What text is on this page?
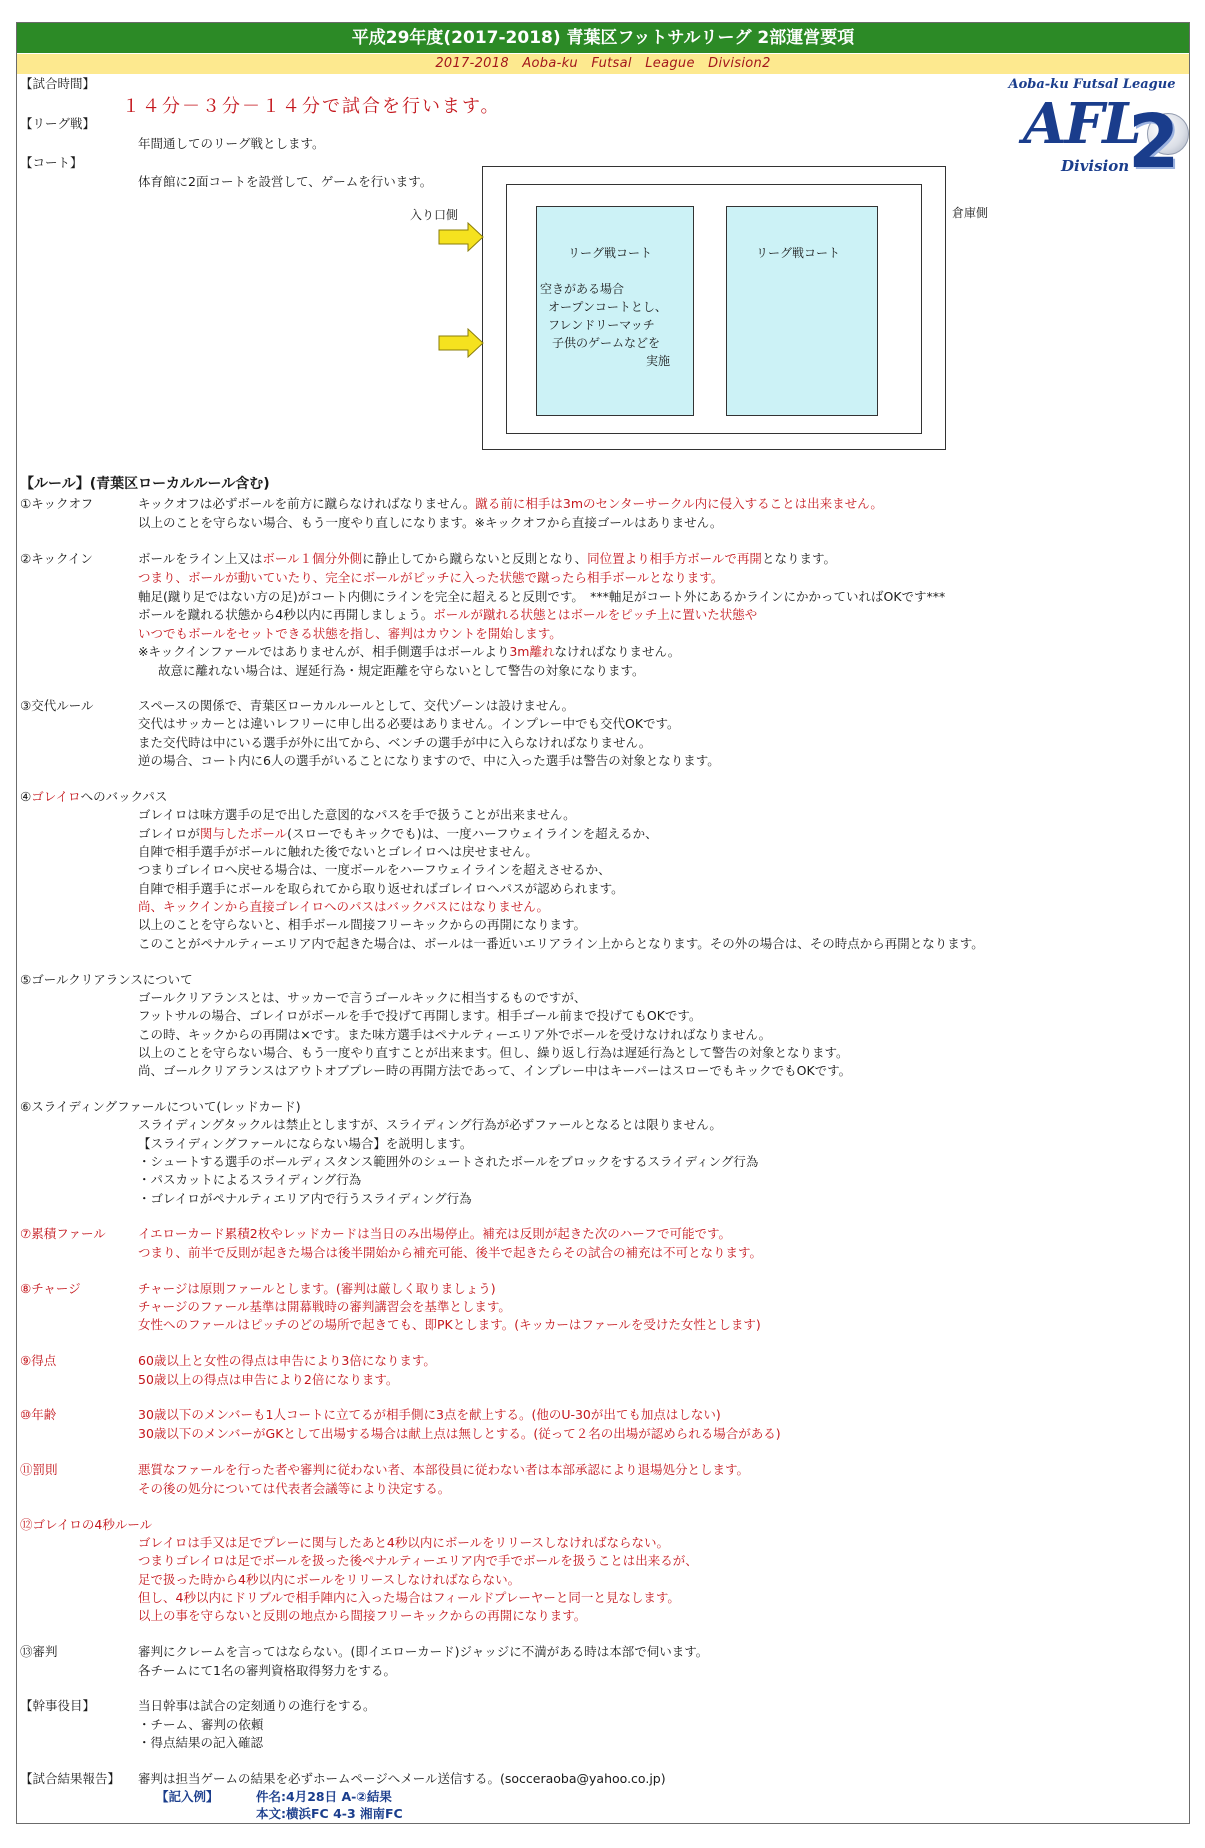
平成29年度(2017-2018) 青葉区フットサルリーグ 2部運営要項
2017-2018 Aoba-ku Futsal League Division2
Aoba-ku Futsal League
AFL
2
Division
【試合時間】
１４分－３分－１４分で試合を行います。
【リーグ戦】
年間通してのリーグ戦とします。
【コート】
体育館に2面コートを設営して、ゲームを行います。
リーグ戦コート	リーグ戦コート
空きがある場合
オープンコートとし、
フレンドリーマッチ
子供のゲームなどを
実施
入り口側	倉庫側
【ルール】(青葉区ローカルルール含む)
①キックオフ	キックオフは必ずボールを前方に蹴らなければなりません。蹴る前に相手は3mのセンターサークル内に侵入することは出来ません。
以上のことを守らない場合、もう一度やり直しになります。※キックオフから直接ゴールはありません。
②キックイン	ボールをライン上又はボール１個分外側に静止してから蹴らないと反則となり、同位置より相手方ボールで再開となります。
つまり、ボールが動いていたり、完全にボールがピッチに入った状態で蹴ったら相手ボールとなります。
軸足(蹴り足ではない方の足)がコート内側にラインを完全に超えると反則です。　***軸足がコート外にあるかラインにかかっていればOKです***
ボールを蹴れる状態から4秒以内に再開しましょう。ボールが蹴れる状態とはボールをピッチ上に置いた状態や
いつでもボールをセットできる状態を指し、審判はカウントを開始します。
※キックインファールではありませんが、相手側選手はボールより3m離れなければなりません。
故意に離れない場合は、遅延行為・規定距離を守らないとして警告の対象になります。
③交代ルール	スペースの関係で、青葉区ローカルルールとして、交代ゾーンは設けません。
交代はサッカーとは違いレフリーに申し出る必要はありません。インプレー中でも交代OKです。
また交代時は中にいる選手が外に出てから、ベンチの選手が中に入らなければなりません。
逆の場合、コート内に6人の選手がいることになりますので、中に入った選手は警告の対象となります。
④ゴレイロへのバックパス
ゴレイロは味方選手の足で出した意図的なパスを手で扱うことが出来ません。
ゴレイロが関与したボール(スローでもキックでも)は、一度ハーフウェイラインを超えるか、
自陣で相手選手がボールに触れた後でないとゴレイロへは戻せません。
つまりゴレイロへ戻せる場合は、一度ボールをハーフウェイラインを超えさせるか、
自陣で相手選手にボールを取られてから取り返せればゴレイロへパスが認められます。
尚、キックインから直接ゴレイロへのパスはバックパスにはなりません。
以上のことを守らないと、相手ボール間接フリーキックからの再開になります。
このことがペナルティーエリア内で起きた場合は、ボールは一番近いエリアライン上からとなります。その外の場合は、その時点から再開となります。
⑤ゴールクリアランスについて
ゴールクリアランスとは、サッカーで言うゴールキックに相当するものですが、
フットサルの場合、ゴレイロがボールを手で投げて再開します。相手ゴール前まで投げてもOKです。
この時、キックからの再開は×です。また味方選手はペナルティーエリア外でボールを受けなければなりません。
以上のことを守らない場合、もう一度やり直すことが出来ます。但し、繰り返し行為は遅延行為として警告の対象となります。
尚、ゴールクリアランスはアウトオブプレー時の再開方法であって、インプレー中はキーパーはスローでもキックでもOKです。
⑥スライディングファールについて(レッドカード)
スライディングタックルは禁止としますが、スライディング行為が必ずファールとなるとは限りません。
【スライディングファールにならない場合】を説明します。
・シュートする選手のボールディスタンス範囲外のシュートされたボールをブロックをするスライディング行為
・パスカットによるスライディング行為
・ゴレイロがペナルティエリア内で行うスライディング行為
⑦累積ファール	イエローカード累積2枚やレッドカードは当日のみ出場停止。補充は反則が起きた次のハーフで可能です。
つまり、前半で反則が起きた場合は後半開始から補充可能、後半で起きたらその試合の補充は不可となります。
⑧チャージ	チャージは原則ファールとします。(審判は厳しく取りましょう)
チャージのファール基準は開幕戦時の審判講習会を基準とします。
女性へのファールはピッチのどの場所で起きても、即PKとします。(キッカーはファールを受けた女性とします)
⑨得点	60歳以上と女性の得点は申告により3倍になります。
50歳以上の得点は申告により2倍になります。
⑩年齢	30歳以下のメンバーも1人コートに立てるが相手側に3点を献上する。(他のU-30が出ても加点はしない)
30歳以下のメンバーがGKとして出場する場合は献上点は無しとする。(従って２名の出場が認められる場合がある)
⑪罰則	悪質なファールを行った者や審判に従わない者、本部役員に従わない者は本部承認により退場処分とします。
その後の処分については代表者会議等により決定する。
⑫ゴレイロの4秒ルール
ゴレイロは手又は足でプレーに関与したあと4秒以内にボールをリリースしなければならない。
つまりゴレイロは足でボールを扱った後ペナルティーエリア内で手でボールを扱うことは出来るが、
足で扱った時から4秒以内にボールをリリースしなければならない。
但し、4秒以内にドリブルで相手陣内に入った場合はフィールドプレーヤーと同一と見なします。
以上の事を守らないと反則の地点から間接フリーキックからの再開になります。
⑬審判	審判にクレームを言ってはならない。(即イエローカード)ジャッジに不満がある時は本部で伺います。
各チームにて1名の審判資格取得努力をする。
【幹事役目】	当日幹事は試合の定刻通りの進行をする。
・チーム、審判の依頼
・得点結果の記入確認
【試合結果報告】 審判は担当ゲームの結果を必ずホームページへメール送信する。(socceraoba@yahoo.co.jp)
【記入例】	件名:4月28日 A-②結果
本文:横浜FC 4-3 湘南FC
